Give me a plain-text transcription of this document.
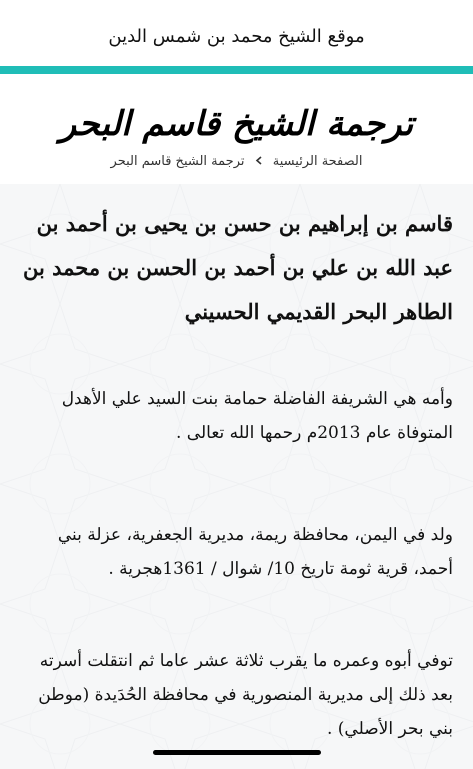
موقع الشيخ محمد بن شمس الدين
ترجمة الشيخ قاسم البحر
الصفحة الرئيسية  ترجمة الشيخ قاسم البحر
قاسم بن إبراهيم بن حسن بن يحيى بن أحمد بن عبد الله بن علي بن أحمد بن الحسن بن محمد بن الطاهر البحر القديمي الحسيني
وأمه هي الشريفة الفاضلة حمامة بنت السيد علي الأهدل المتوفاة عام 2013م رحمها الله تعالى .
ولد في اليمن، محافظة ريمة، مديرية الجعفرية، عزلة بني أحمد، قرية ثومة تاريخ 10/ شوال / 1361هجرية .
توفي أبوه وعمره ما يقرب ثلاثة عشر عاما ثم انتقلت أسرته بعد ذلك إلى مديرية المنصورية في محافظة الحُدَيدة (موطن بني بحر الأصلي) .
